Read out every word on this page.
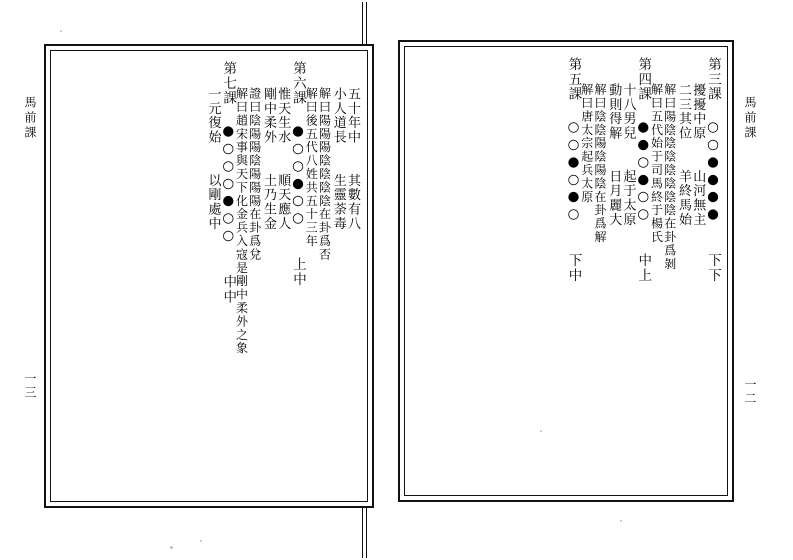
第三課 ○○●●●●　　下下
擾擾中原　　山河無主
二三其位　　羊終馬始
解曰陽陰陰陰陰陰陰陰在卦爲剝
解曰五代始于司馬終于楊氏
第四課 ●●○●○○　　中上
十八男兒　　起于太原
動則得解　　日月麗大
解曰陰陰陽陰陽陰在卦爲解
解曰唐太宗起兵太原
第五課 ○○●○●○　　下中	馬前課
一二
五十年中　　其數有八
小人道長　　生靈荼毒
解曰陽陽陽陰陰陰陰在卦爲否
解曰後五代八姓共五十三年
第六課 ●○○●○○　　上中
惟天生水　　順天應人
剛中柔外　　土乃生金
證曰陰陽陽陰陽陽陽在卦爲兌
解曰趙宋事與天下化金兵入寇是剛中柔外之象
第七課 ●○○○●○○　　中中
一元復始　　以剛處中
馬前課
一三
